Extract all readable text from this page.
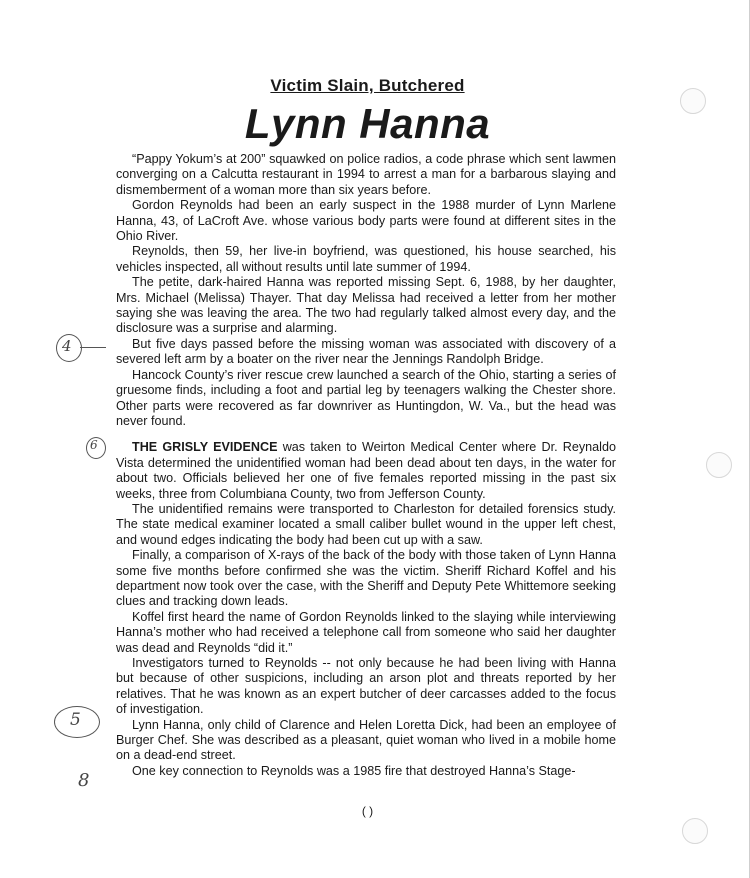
Victim Slain, Butchered
Lynn Hanna

“Pappy Yokum’s at 200” squawked on police radios, a code phrase which sent lawmen converging on a Calcutta restaurant in 1994 to arrest a man for a barbarous slaying and dismemberment of a woman more than six years before.

Gordon Reynolds had been an early suspect in the 1988 murder of Lynn Marlene Hanna, 43, of LaCroft Ave. whose various body parts were found at different sites in the Ohio River.

Reynolds, then 59, her live-in boyfriend, was questioned, his house searched, his vehicles inspected, all without results until late summer of 1994.

The petite, dark-haired Hanna was reported missing Sept. 6, 1988, by her daughter, Mrs. Michael (Melissa) Thayer. That day Melissa had received a letter from her mother saying she was leaving the area. The two had regularly talked almost every day, and the disclosure was a surprise and alarming.

But five days passed before the missing woman was associated with discovery of a severed left arm by a boater on the river near the Jennings Randolph Bridge.

Hancock County’s river rescue crew launched a search of the Ohio, starting a series of gruesome finds, including a foot and partial leg by teenagers walking the Chester shore. Other parts were recovered as far downriver as Huntingdon, W. Va., but the head was never found.

THE GRISLY EVIDENCE was taken to Weirton Medical Center where Dr. Reynaldo Vista determined the unidentified woman had been dead about ten days, in the water for about two. Officials believed her one of five females reported missing in the past six weeks, three from Columbiana County, two from Jefferson County.

The unidentified remains were transported to Charleston for detailed forensics study. The state medical examiner located a small caliber bullet wound in the upper left chest, and wound edges indicating the body had been cut up with a saw.

Finally, a comparison of X-rays of the back of the body with those taken of Lynn Hanna some five months before confirmed she was the victim. Sheriff Richard Koffel and his department now took over the case, with the Sheriff and Deputy Pete Whittemore seeking clues and tracking down leads.

Koffel first heard the name of Gordon Reynolds linked to the slaying while interviewing Hanna’s mother who had received a telephone call from someone who said her daughter was dead and Reynolds “did it.”

Investigators turned to Reynolds -- not only because he had been living with Hanna but because of other suspicions, including an arson plot and threats reported by her relatives. That he was known as an expert butcher of deer carcasses added to the focus of investigation.

Lynn Hanna, only child of Clarence and Helen Loretta Dick, had been an employee of Burger Chef. She was described as a pleasant, quiet woman who lived in a mobile home on a dead-end street.

One key connection to Reynolds was a 1985 fire that destroyed Hanna’s Stage-

( )
4
6
5
8
